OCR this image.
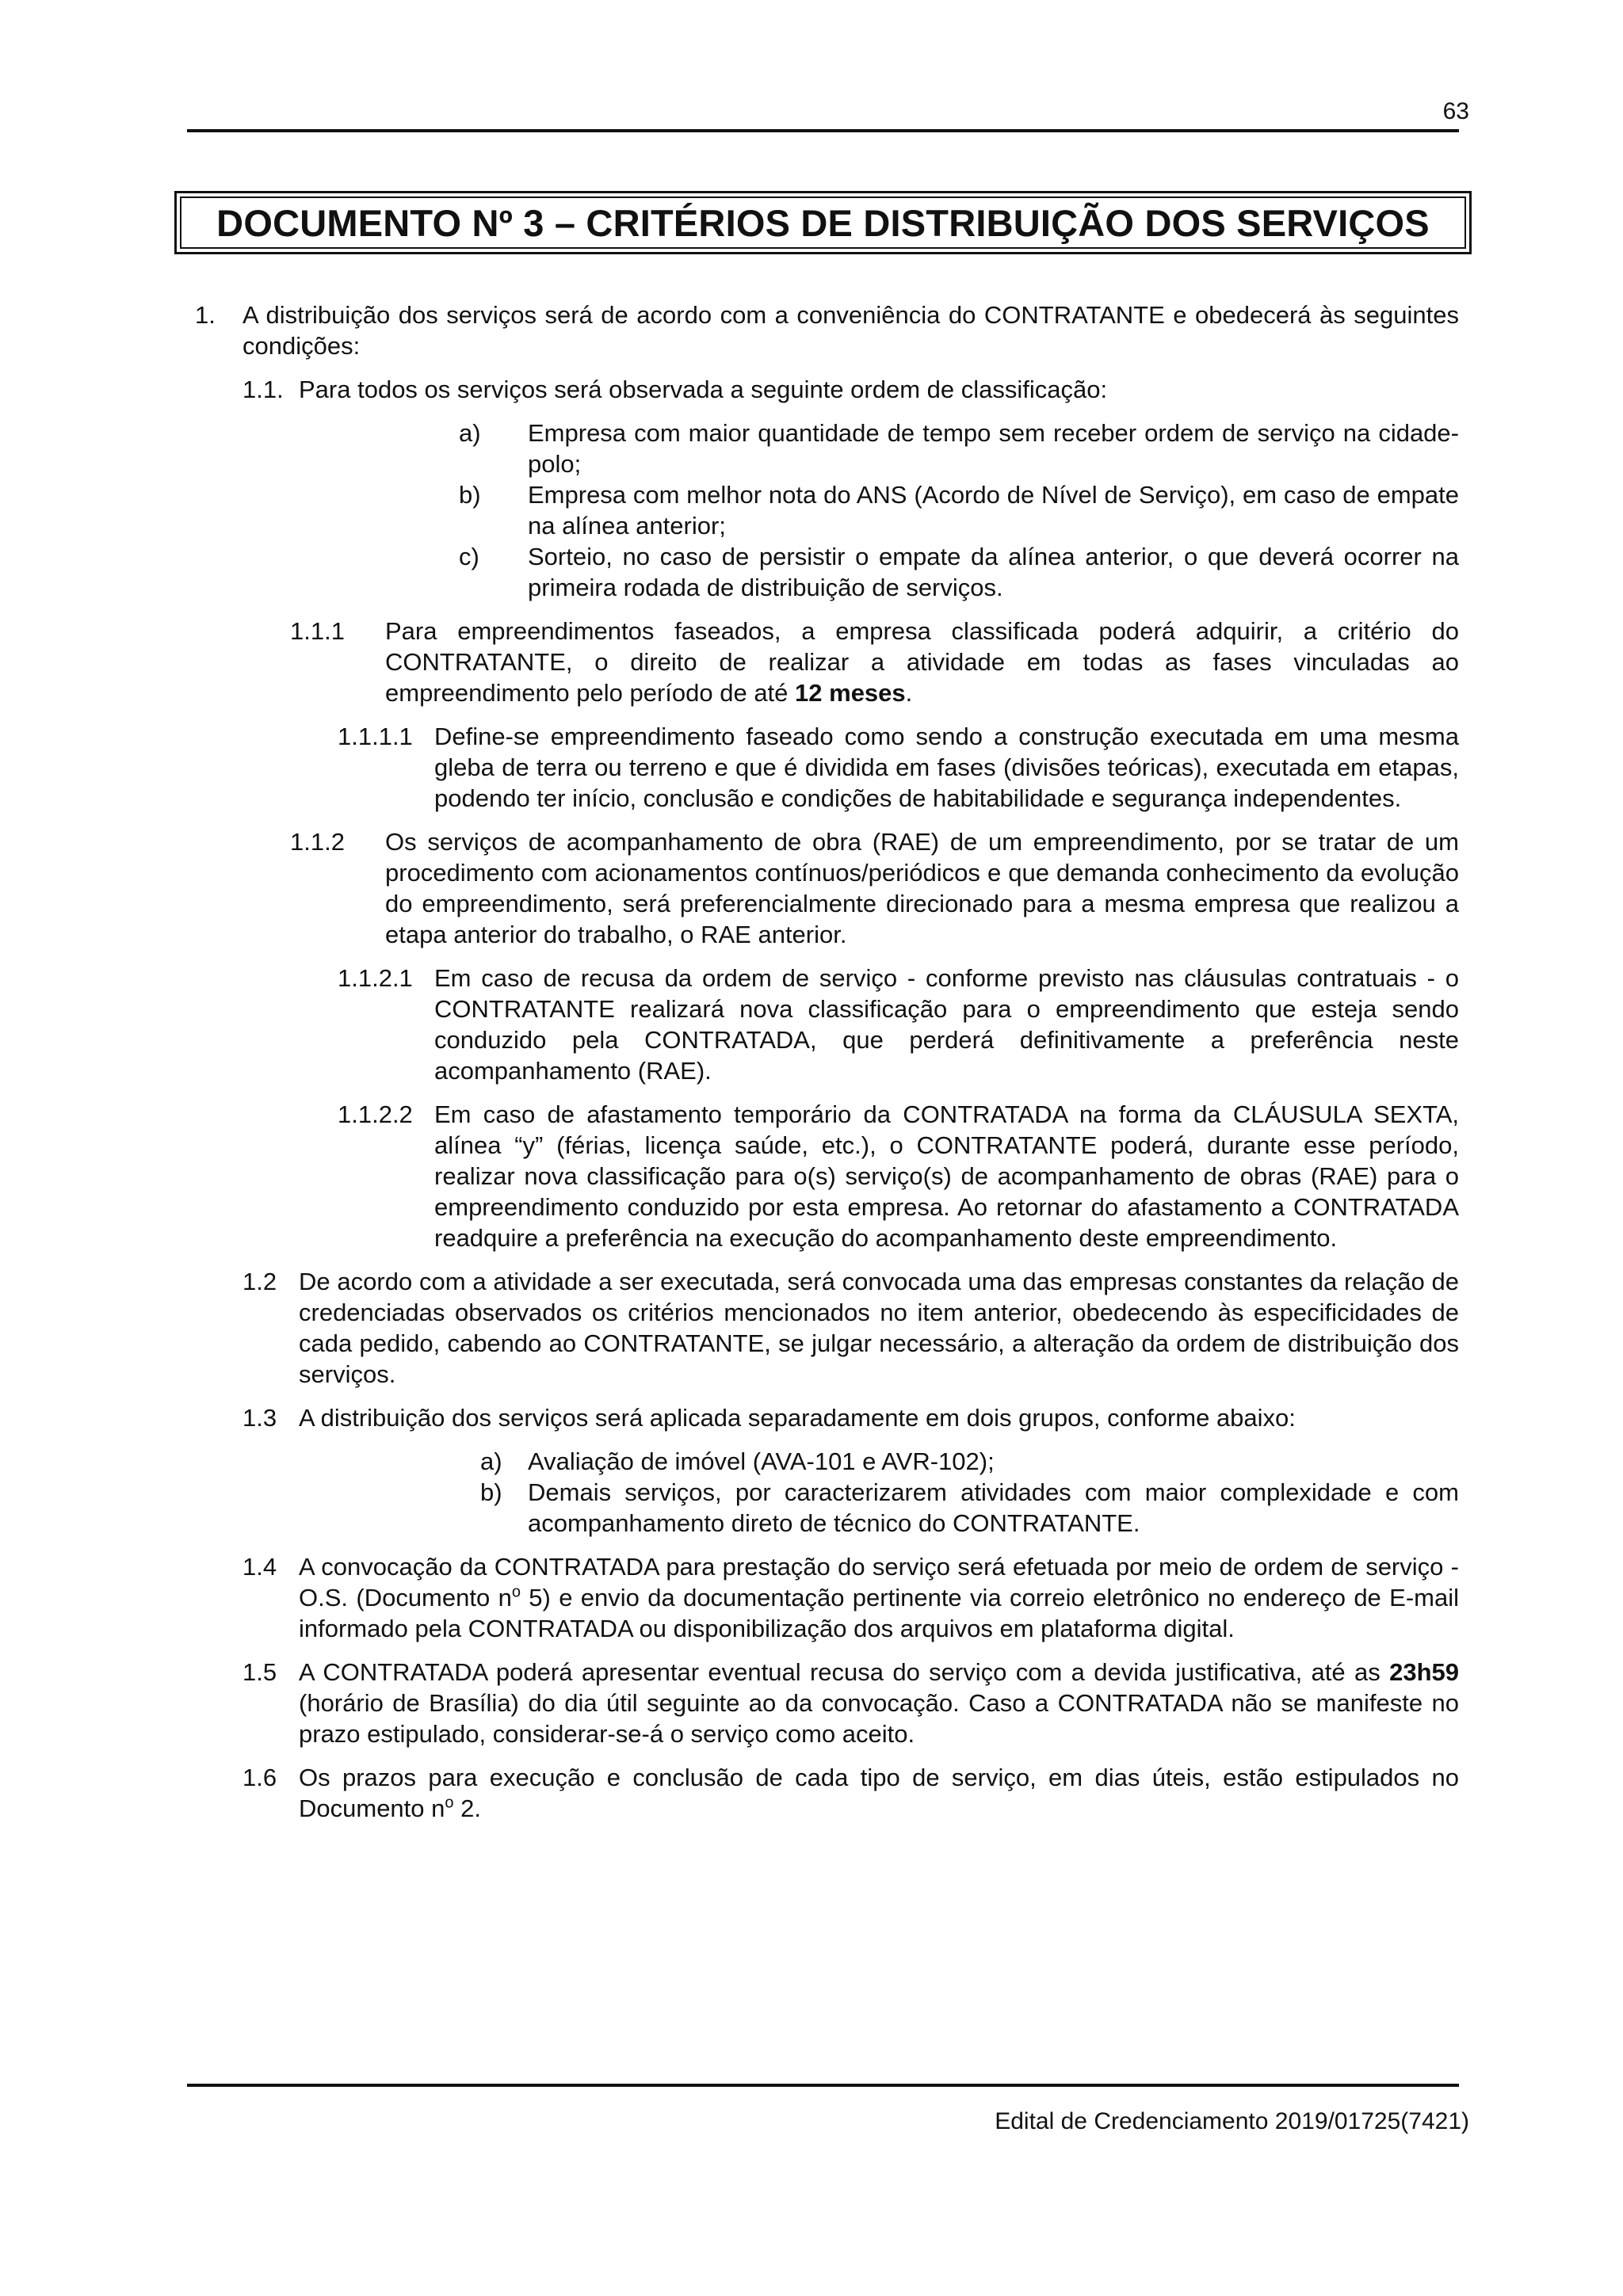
63
DOCUMENTO Nº 3 – CRITÉRIOS DE DISTRIBUIÇÃO DOS SERVIÇOS
1. A distribuição dos serviços será de acordo com a conveniência do CONTRATANTE e obedecerá às seguintes condições:
1.1. Para todos os serviços será observada a seguinte ordem de classificação:
a) Empresa com maior quantidade de tempo sem receber ordem de serviço na cidade-polo;
b) Empresa com melhor nota do ANS (Acordo de Nível de Serviço), em caso de empate na alínea anterior;
c) Sorteio, no caso de persistir o empate da alínea anterior, o que deverá ocorrer na primeira rodada de distribuição de serviços.
1.1.1 Para empreendimentos faseados, a empresa classificada poderá adquirir, a critério do CONTRATANTE, o direito de realizar a atividade em todas as fases vinculadas ao empreendimento pelo período de até 12 meses.
1.1.1.1 Define-se empreendimento faseado como sendo a construção executada em uma mesma gleba de terra ou terreno e que é dividida em fases (divisões teóricas), executada em etapas, podendo ter início, conclusão e condições de habitabilidade e segurança independentes.
1.1.2 Os serviços de acompanhamento de obra (RAE) de um empreendimento, por se tratar de um procedimento com acionamentos contínuos/periódicos e que demanda conhecimento da evolução do empreendimento, será preferencialmente direcionado para a mesma empresa que realizou a etapa anterior do trabalho, o RAE anterior.
1.1.2.1 Em caso de recusa da ordem de serviço - conforme previsto nas cláusulas contratuais - o CONTRATANTE realizará nova classificação para o empreendimento que esteja sendo conduzido pela CONTRATADA, que perderá definitivamente a preferência neste acompanhamento (RAE).
1.1.2.2 Em caso de afastamento temporário da CONTRATADA na forma da CLÁUSULA SEXTA, alínea “y” (férias, licença saúde, etc.), o CONTRATANTE poderá, durante esse período, realizar nova classificação para o(s) serviço(s) de acompanhamento de obras (RAE) para o empreendimento conduzido por esta empresa. Ao retornar do afastamento a CONTRATADA readquire a preferência na execução do acompanhamento deste empreendimento.
1.2 De acordo com a atividade a ser executada, será convocada uma das empresas constantes da relação de credenciadas observados os critérios mencionados no item anterior, obedecendo às especificidades de cada pedido, cabendo ao CONTRATANTE, se julgar necessário, a alteração da ordem de distribuição dos serviços.
1.3 A distribuição dos serviços será aplicada separadamente em dois grupos, conforme abaixo:
a) Avaliação de imóvel (AVA-101 e AVR-102);
b) Demais serviços, por caracterizarem atividades com maior complexidade e com acompanhamento direto de técnico do CONTRATANTE.
1.4 A convocação da CONTRATADA para prestação do serviço será efetuada por meio de ordem de serviço - O.S. (Documento $n^o$ 5) e envio da documentação pertinente via correio eletrônico no endereço de E-mail informado pela CONTRATADA ou disponibilização dos arquivos em plataforma digital.
1.5 A CONTRATADA poderá apresentar eventual recusa do serviço com a devida justificativa, até as 23h59 (horário de Brasília) do dia útil seguinte ao da convocação. Caso a CONTRATADA não se manifeste no prazo estipulado, considerar-se-á o serviço como aceito.
1.6 Os prazos para execução e conclusão de cada tipo de serviço, em dias úteis, estão estipulados no Documento $n^o$ 2.
Edital de Credenciamento 2019/01725(7421)
